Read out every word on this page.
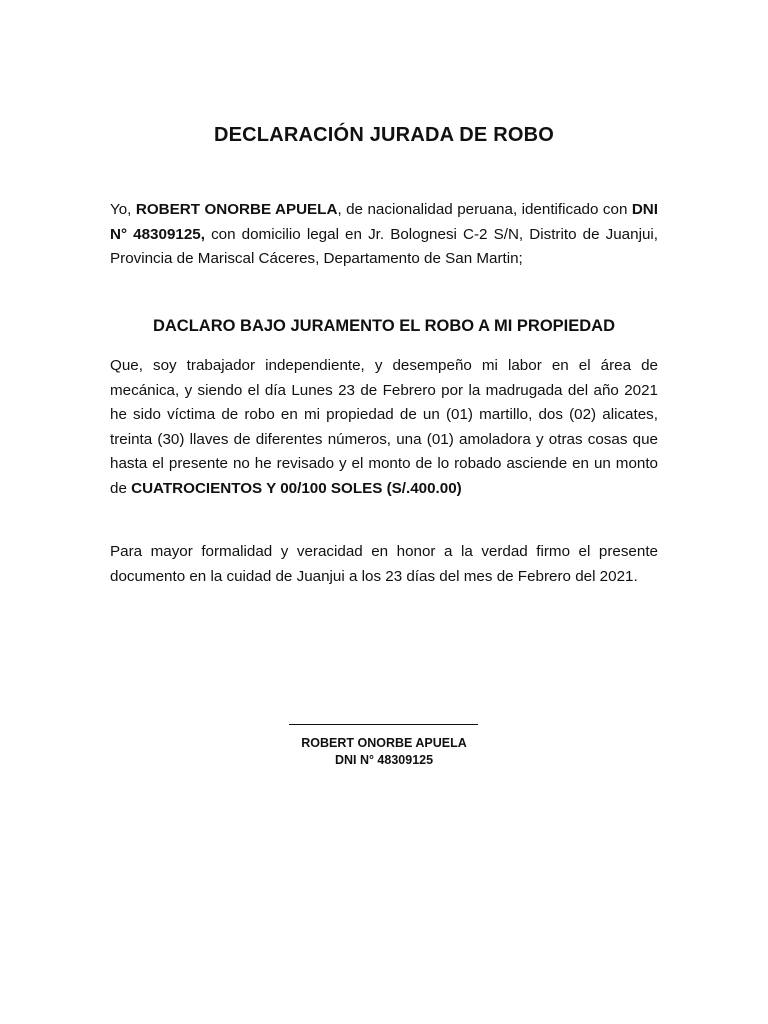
DECLARACIÓN JURADA DE ROBO
Yo, ROBERT ONORBE APUELA, de nacionalidad peruana, identificado con DNI N° 48309125, con domicilio legal en Jr. Bolognesi C-2 S/N, Distrito de Juanjui, Provincia de Mariscal Cáceres, Departamento de San Martin;
DACLARO BAJO JURAMENTO EL ROBO A MI PROPIEDAD
Que, soy trabajador independiente, y desempeño mi labor en el área de mecánica, y siendo el día Lunes 23 de Febrero por la madrugada del año 2021 he sido víctima de robo en mi propiedad de un (01) martillo, dos (02) alicates, treinta (30) llaves de diferentes números, una (01) amoladora y otras cosas que hasta el presente no he revisado y el monto de lo robado asciende en un monto de CUATROCIENTOS Y 00/100 SOLES (S/.400.00)
Para mayor formalidad y veracidad en honor a la verdad firmo el presente documento en la cuidad de Juanjui a los 23 días del mes de Febrero del 2021.
ROBERT ONORBE APUELA
DNI N° 48309125
